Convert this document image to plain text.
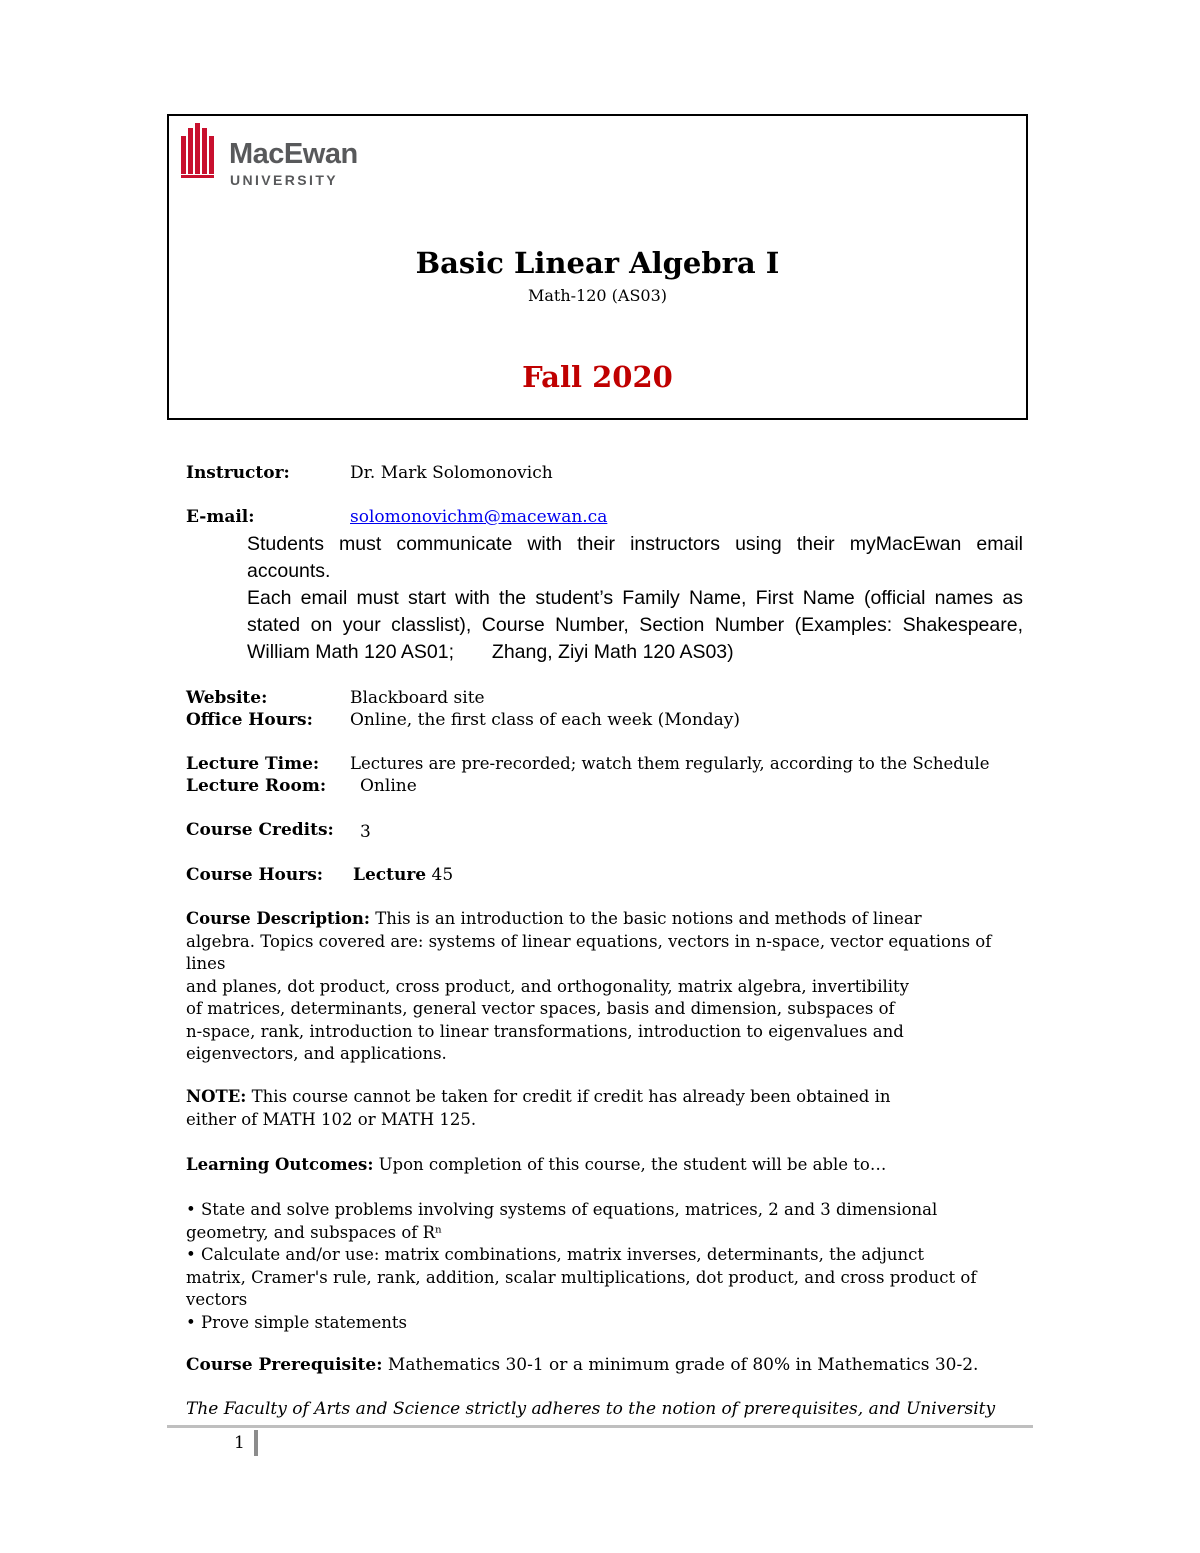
MacEwan
UNIVERSITY
Basic Linear Algebra I
Math-120 (AS03)
Fall 2020
Instructor:	Dr. Mark Solomonovich
E-mail:	solomonovichm@macewan.ca
Students must communicate with their instructors using their myMacEwan email accounts.
Each email must start with the student’s Family Name, First Name (official names as stated on your classlist), Course Number, Section Number (Examples: Shakespeare, William Math 120 AS01;       Zhang, Ziyi Math 120 AS03)
Website:	Blackboard site
Office Hours: Online, the first class of each week (Monday)
Lecture Time: Lectures are pre-recorded; watch them regularly, according to the Schedule
Lecture Room: Online
Course Credits: 3
Course Hours: Lecture 45
Course Description: This is an introduction to the basic notions and methods of linear
algebra. Topics covered are: systems of linear equations, vectors in n-space, vector equations of
lines
and planes, dot product, cross product, and orthogonality, matrix algebra, invertibility
of matrices, determinants, general vector spaces, basis and dimension, subspaces of
n-space, rank, introduction to linear transformations, introduction to eigenvalues and
eigenvectors, and applications.
NOTE: This course cannot be taken for credit if credit has already been obtained in
either of MATH 102 or MATH 125.
Learning Outcomes: Upon completion of this course, the student will be able to…
• State and solve problems involving systems of equations, matrices, 2 and 3 dimensional
geometry, and subspaces of Rⁿ
• Calculate and/or use: matrix combinations, matrix inverses, determinants, the adjunct
matrix, Cramer's rule, rank, addition, scalar multiplications, dot product, and cross product of
vectors
• Prove simple statements
Course Prerequisite: Mathematics 30-1 or a minimum grade of 80% in Mathematics 30-2.
The Faculty of Arts and Science strictly adheres to the notion of prerequisites, and University
1
